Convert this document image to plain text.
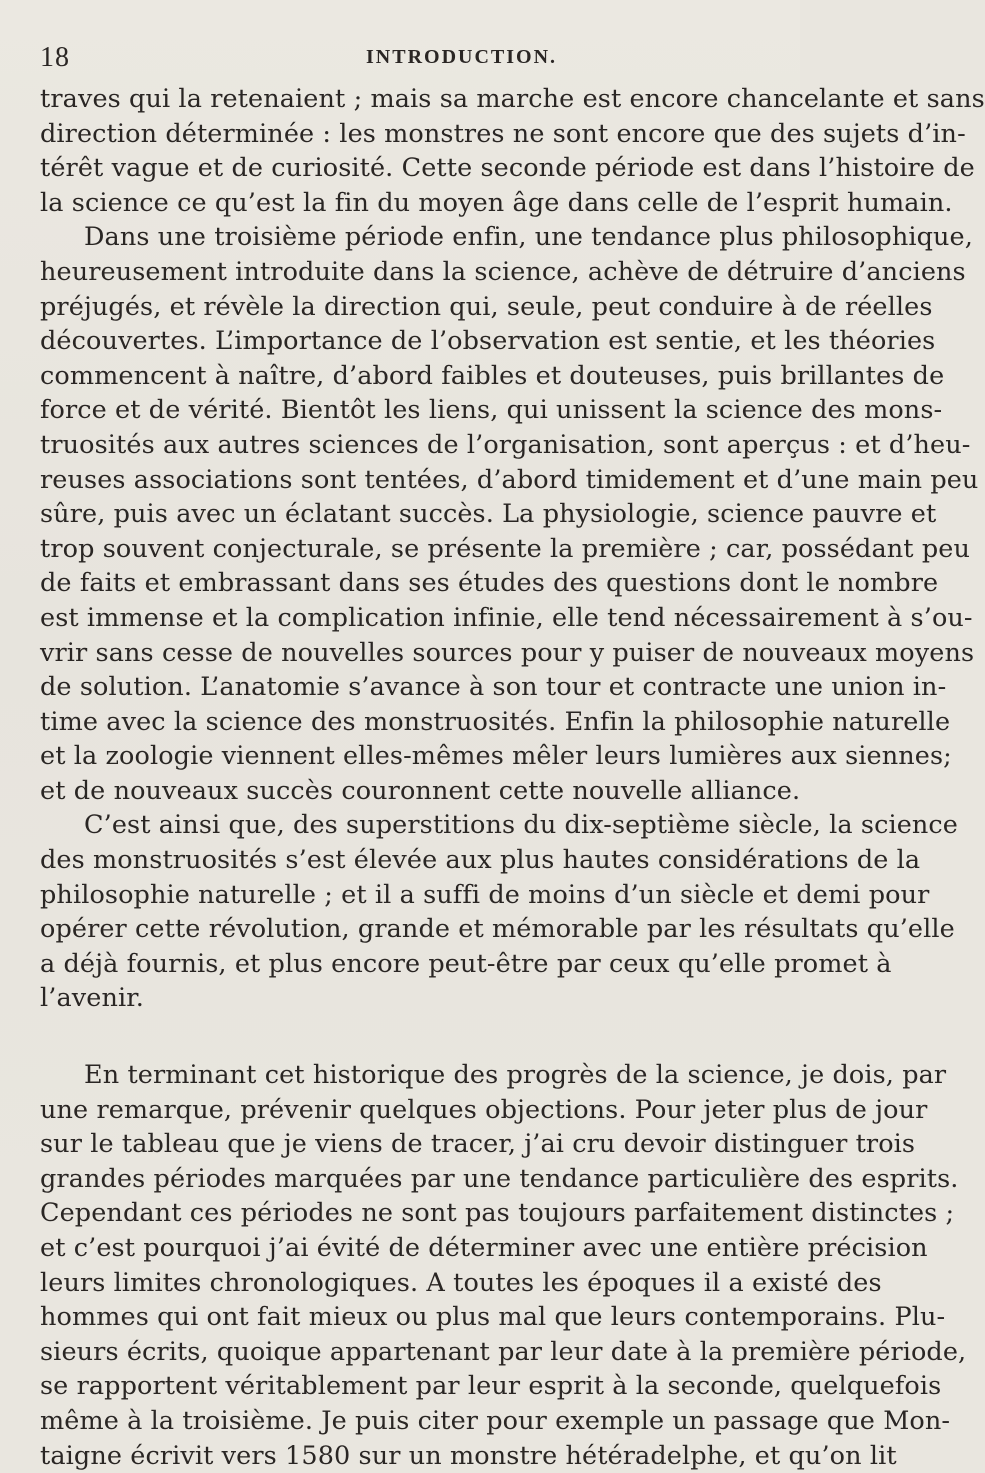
18	INTRODUCTION.
traves qui la retenaient ; mais sa marche est encore chancelante et sans
direction déterminée : les monstres ne sont encore que des sujets d’in-
térêt vague et de curiosité. Cette seconde période est dans l’histoire de
la science ce qu’est la fin du moyen âge dans celle de l’esprit humain.
Dans une troisième période enfin, une tendance plus philosophique,
heureusement introduite dans la science, achève de détruire d’anciens
préjugés, et révèle la direction qui, seule, peut conduire à de réelles
découvertes. L’importance de l’observation est sentie, et les théories
commencent à naître, d’abord faibles et douteuses, puis brillantes de
force et de vérité. Bientôt les liens, qui unissent la science des mons-
truosités aux autres sciences de l’organisation, sont aperçus : et d’heu-
reuses associations sont tentées, d’abord timidement et d’une main peu
sûre, puis avec un éclatant succès. La physiologie, science pauvre et
trop souvent conjecturale, se présente la première ; car, possédant peu
de faits et embrassant dans ses études des questions dont le nombre
est immense et la complication infinie, elle tend nécessairement à s’ou-
vrir sans cesse de nouvelles sources pour y puiser de nouveaux moyens
de solution. L’anatomie s’avance à son tour et contracte une union in-
time avec la science des monstruosités. Enfin la philosophie naturelle
et la zoologie viennent elles-mêmes mêler leurs lumières aux siennes;
et de nouveaux succès couronnent cette nouvelle alliance.
C’est ainsi que, des superstitions du dix-septième siècle, la science
des monstruosités s’est élevée aux plus hautes considérations de la
philosophie naturelle ; et il a suffi de moins d’un siècle et demi pour
opérer cette révolution, grande et mémorable par les résultats qu’elle
a déjà fournis, et plus encore peut-être par ceux qu’elle promet à
l’avenir.
En terminant cet historique des progrès de la science, je dois, par
une remarque, prévenir quelques objections. Pour jeter plus de jour
sur le tableau que je viens de tracer, j’ai cru devoir distinguer trois
grandes périodes marquées par une tendance particulière des esprits.
Cependant ces périodes ne sont pas toujours parfaitement distinctes ;
et c’est pourquoi j’ai évité de déterminer avec une entière précision
leurs limites chronologiques. A toutes les époques il a existé des
hommes qui ont fait mieux ou plus mal que leurs contemporains. Plu-
sieurs écrits, quoique appartenant par leur date à la première période,
se rapportent véritablement par leur esprit à la seconde, quelquefois
même à la troisième. Je puis citer pour exemple un passage que Mon-
taigne écrivit vers 1580 sur un monstre hétéradelphe, et qu’on lit
